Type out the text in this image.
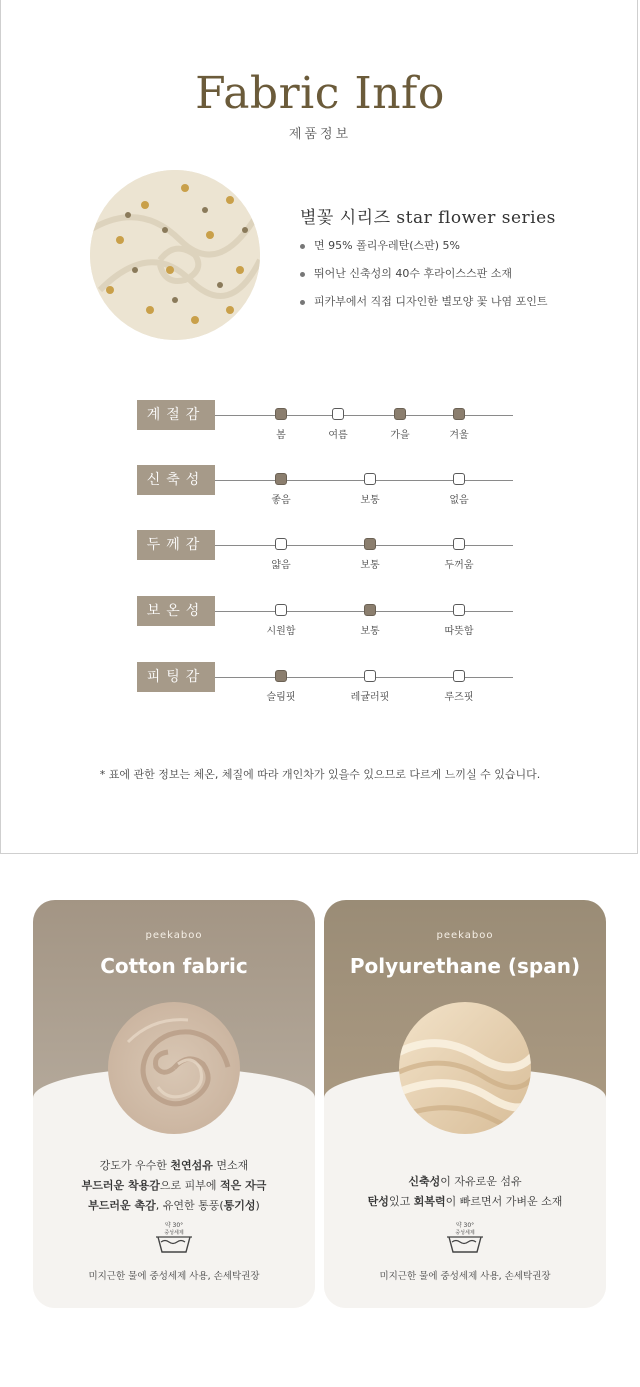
Fabric Info
제품정보
별꽃 시리즈 star flower series
면 95% 폴리우레탄(스판) 5%
뛰어난 신축성의 40수 후라이스스판 소재
피카부에서 직접 디자인한 별모양 꽃 나염 포인트
계절감
봄	여름	가을	겨울
신축성
좋음	보통	없음
두께감
얇음	보통	두꺼움
보온성
시원함	보통	따뜻함
피팅감
슬림핏	레귤러핏	루즈핏
* 표에 관한 정보는 체온, 체질에 따라 개인차가 있을수 있으므로 다르게 느끼실 수 있습니다.
peekaboo
Cotton fabric
강도가 우수한 천연섬유 면소재
부드러운 착용감으로 피부에 적은 자극
부드러운 촉감, 유연한 통풍(통기성)
약 30°
중성세제
미지근한 물에 중성세제 사용, 손세탁권장
peekaboo
Polyurethane (span)
신축성이 자유로운 섬유
탄성있고 회복력이 빠르면서 가벼운 소재
약 30°
중성세제
미지근한 물에 중성세제 사용, 손세탁권장
